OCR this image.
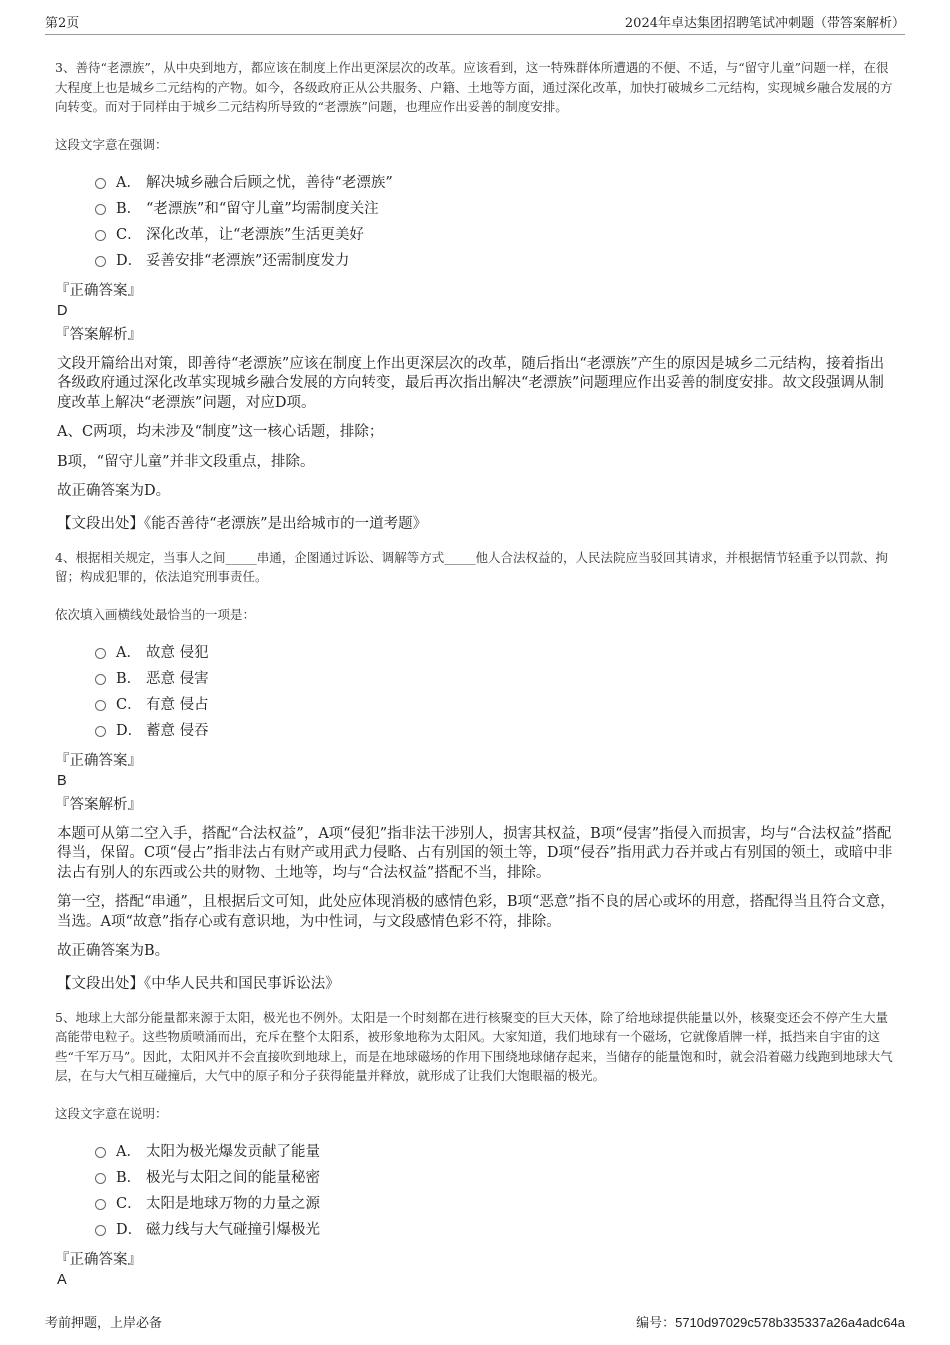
第2页	2024年卓达集团招聘笔试冲刺题（带答案解析）

3、善待“老漂族”，从中央到地方，都应该在制度上作出更深层次的改革。应该看到，这一特殊群体所遭遇的不便、不适，与“留守儿童”问题一样，在很大程度上也是城乡二元结构的产物。如今，各级政府正从公共服务、户籍、土地等方面，通过深化改革，加快打破城乡二元结构，实现城乡融合发展的方向转变。而对于同样由于城乡二元结构所导致的“老漂族”问题，也理应作出妥善的制度安排。

这段文字意在强调：

A． 解决城乡融合后顾之忧，善待“老漂族”
B． “老漂族”和“留守儿童”均需制度关注
C． 深化改革，让“老漂族”生活更美好
D． 妥善安排“老漂族”还需制度发力

『正确答案』

D

『答案解析』

文段开篇给出对策，即善待“老漂族”应该在制度上作出更深层次的改革，随后指出“老漂族”产生的原因是城乡二元结构，接着指出各级政府通过深化改革实现城乡融合发展的方向转变，最后再次指出解决“老漂族”问题理应作出妥善的制度安排。故文段强调从制度改革上解决“老漂族”问题，对应D项。

A、C两项，均未涉及“制度”这一核心话题，排除；

B项，“留守儿童”并非文段重点，排除。

故正确答案为D。

【文段出处】《能否善待“老漂族”是出给城市的一道考题》

4、根据相关规定，当事人之间_____串通，企图通过诉讼、调解等方式_____他人合法权益的，人民法院应当驳回其请求，并根据情节轻重予以罚款、拘留；构成犯罪的，依法追究刑事责任。

依次填入画横线处最恰当的一项是：

A． 故意 侵犯
B． 恶意 侵害
C． 有意 侵占
D． 蓄意 侵吞

『正确答案』

B

『答案解析』

本题可从第二空入手，搭配“合法权益”，A项“侵犯”指非法干涉别人，损害其权益，B项“侵害”指侵入而损害，均与“合法权益”搭配得当，保留。C项“侵占”指非法占有财产或用武力侵略、占有别国的领土等，D项“侵吞”指用武力吞并或占有别国的领土，或暗中非法占有别人的东西或公共的财物、土地等，均与“合法权益”搭配不当，排除。

第一空，搭配“串通”，且根据后文可知，此处应体现消极的感情色彩，B项“恶意”指不良的居心或坏的用意，搭配得当且符合文意，当选。A项“故意”指存心或有意识地，为中性词，与文段感情色彩不符，排除。

故正确答案为B。

【文段出处】《中华人民共和国民事诉讼法》

5、地球上大部分能量都来源于太阳，极光也不例外。太阳是一个时刻都在进行核聚变的巨大天体，除了给地球提供能量以外，核聚变还会不停产生大量高能带电粒子。这些物质喷涌而出，充斥在整个太阳系，被形象地称为太阳风。大家知道，我们地球有一个磁场，它就像盾牌一样，抵挡来自宇宙的这些“千军万马”。因此，太阳风并不会直接吹到地球上，而是在地球磁场的作用下围绕地球储存起来，当储存的能量饱和时，就会沿着磁力线跑到地球大气层，在与大气相互碰撞后，大气中的原子和分子获得能量并释放，就形成了让我们大饱眼福的极光。

这段文字意在说明：

A． 太阳为极光爆发贡献了能量
B． 极光与太阳之间的能量秘密
C． 太阳是地球万物的力量之源
D． 磁力线与大气碰撞引爆极光

『正确答案』

A

考前押题，上岸必备	编号：5710d97029c578b335337a26a4adc64a
